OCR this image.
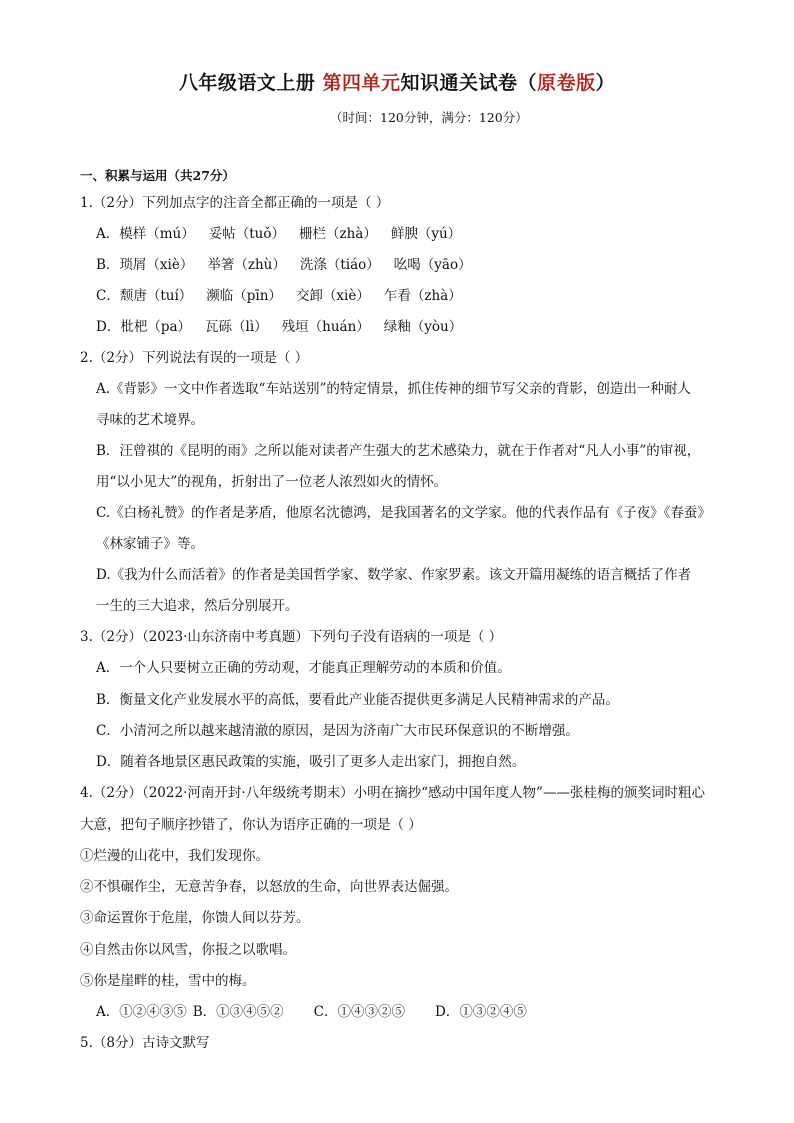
八年级语文上册 第四单元知识通关试卷（原卷版）
（时间：120分钟，满分：120分）
一、积累与运用（共27分）
1.（2分）下列加点字的注音全都正确的一项是（ ）
A．模样（mú） 妥帖（tuǒ） 栅栏（zhà） 鲜腴（yú）
B．琐屑（xiè） 举箸（zhù） 洗涤（tiáo） 吆喝（yāo）
C．颓唐（tuí） 濒临（pīn） 交卸（xiè） 乍看（zhà）
D．枇杷（pa） 瓦砾（lì） 残垣（huán） 绿釉（yòu）
2.（2分）下列说法有误的一项是（ ）
A.《背影》一文中作者选取“车站送别”的特定情景，抓住传神的细节写父亲的背影，创造出一种耐人
寻味的艺术境界。
B．汪曾祺的《昆明的雨》之所以能对读者产生强大的艺术感染力，就在于作者对“凡人小事”的审视，
用“以小见大”的视角，折射出了一位老人浓烈如火的情怀。
C.《白杨礼赞》的作者是茅盾，他原名沈德鸿，是我国著名的文学家。他的代表作品有《子夜》《春蚕》
《林家铺子》等。
D.《我为什么而活着》的作者是美国哲学家、数学家、作家罗素。该文开篇用凝练的语言概括了作者
一生的三大追求，然后分别展开。
3.（2分）（2023·山东济南中考真题）下列句子没有语病的一项是（ ）
A．一个人只要树立正确的劳动观，才能真正理解劳动的本质和价值。
B．衡量文化产业发展水平的高低，要看此产业能否提供更多满足人民精神需求的产品。
C．小清河之所以越来越清澈的原因，是因为济南广大市民环保意识的不断增强。
D．随着各地景区惠民政策的实施，吸引了更多人走出家门，拥抱自然。
4.（2分）（2022·河南开封·八年级统考期末）小明在摘抄“感动中国年度人物”——张桂梅的颁奖词时粗心
大意，把句子顺序抄错了，你认为语序正确的一项是（ ）
①烂漫的山花中，我们发现你。
②不惧碾作尘，无意苦争春，以怒放的生命，向世界表达倔强。
③命运置你于危崖，你馈人间以芬芳。
④自然击你以风雪，你报之以歌唱。
⑤你是崖畔的桂，雪中的梅。
A．①②④③⑤ B．①③④⑤② C．①④③②⑤ D．①③②④⑤
5.（8分）古诗文默写
